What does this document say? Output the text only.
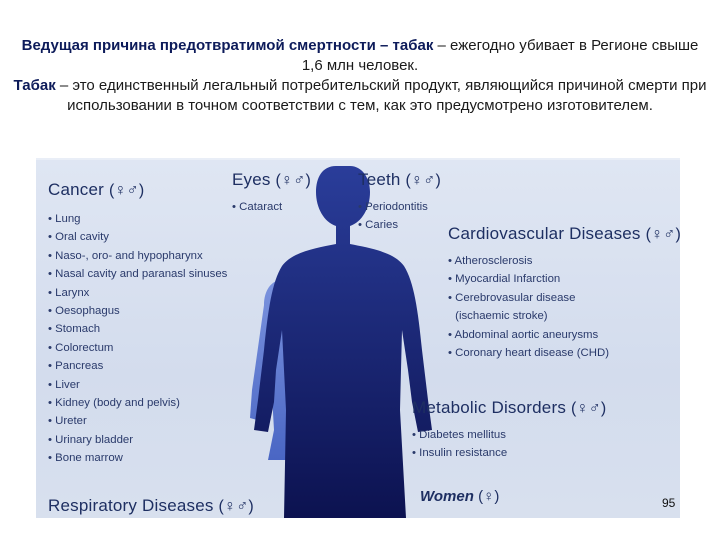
Ведущая причина предотвратимой смертности – табак – ежегодно убивает в Регионе свыше 1,6 млн человек.
Табак – это единственный легальный потребительский продукт, являющийся причиной смерти при использовании в точном соответствии с тем, как это предусмотрено изготовителем.
Cancer (♀♂)
• Lung
• Oral cavity
• Naso-, oro- and hypopharynx
• Nasal cavity and paranasl sinuses
• Larynx
• Oesophagus
• Stomach
• Colorectum
• Pancreas
• Liver
• Kidney (body and pelvis)
• Ureter
• Urinary bladder
• Bone marrow
Eyes (♀♂)
• Cataract
Teeth (♀♂)
• Periodontitis
• Caries	Cardiovascular Diseases (♀♂)
• Atherosclerosis
• Myocardial Infarction
• Cerebrovasular disease
(ischaemic stroke)
• Abdominal aortic aneurysms
• Coronary heart disease (CHD)
Metabolic Disorders (♀♂)
• Diabetes mellitus
• Insulin resistance
Respiratory Diseases (♀♂)
Women (♀)	95
